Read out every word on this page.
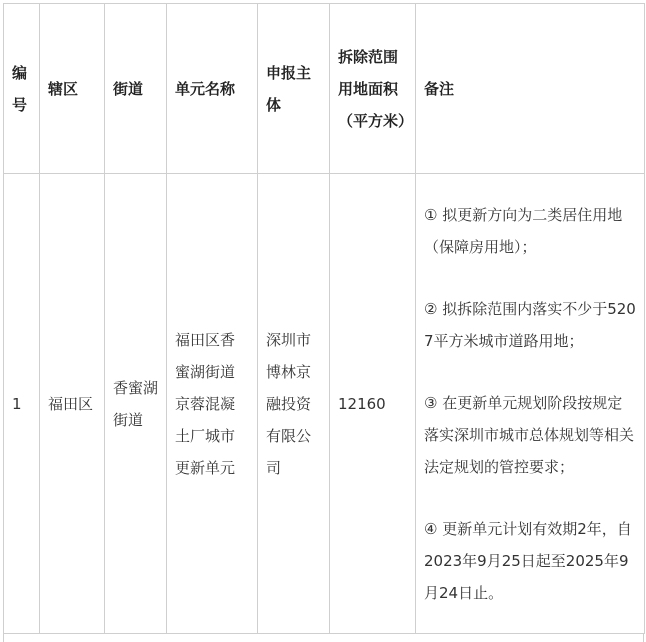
编号	辖区	街道	单元名称	申报主体	拆除范围用地面积（平方米）	备注
1	福田区	香蜜湖街道	福田区香蜜湖街道京蓉混凝土厂城市更新单元	深圳市博林京融投资有限公司	12160	① 拟更新方向为二类居住用地（保障房用地）；

② 拟拆除范围内落实不少于5207平方米城市道路用地；

③ 在更新单元规划阶段按规定落实深圳市城市总体规划等相关法定规划的管控要求；

④ 更新单元计划有效期2年，自2023年9月25日起至2025年9月24日止。
